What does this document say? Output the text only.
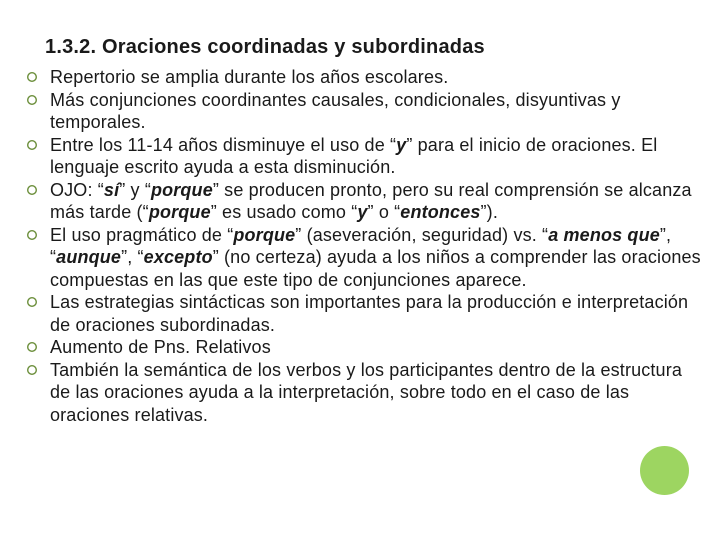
1.3.2. Oraciones coordinadas y subordinadas
Repertorio se amplia durante los años escolares.
Más conjunciones coordinantes causales, condicionales, disyuntivas y temporales.
Entre los 11-14 años disminuye el uso de “y” para el inicio de oraciones. El lenguaje escrito ayuda a esta disminución.
OJO: “sí” y “porque” se producen pronto, pero su real comprensión se alcanza más tarde (“porque” es usado como “y” o “entonces”).
El uso pragmático de “porque” (aseveración, seguridad) vs. “a menos que”, “aunque”, “excepto” (no certeza) ayuda a los niños a comprender las oraciones compuestas en las que este tipo de conjunciones aparece.
Las estrategias sintácticas son importantes para la producción e interpretación de oraciones subordinadas.
Aumento de Pns. Relativos
También la semántica de los verbos y los participantes dentro de la estructura de las oraciones ayuda a la interpretación, sobre todo en el caso de las oraciones relativas.
